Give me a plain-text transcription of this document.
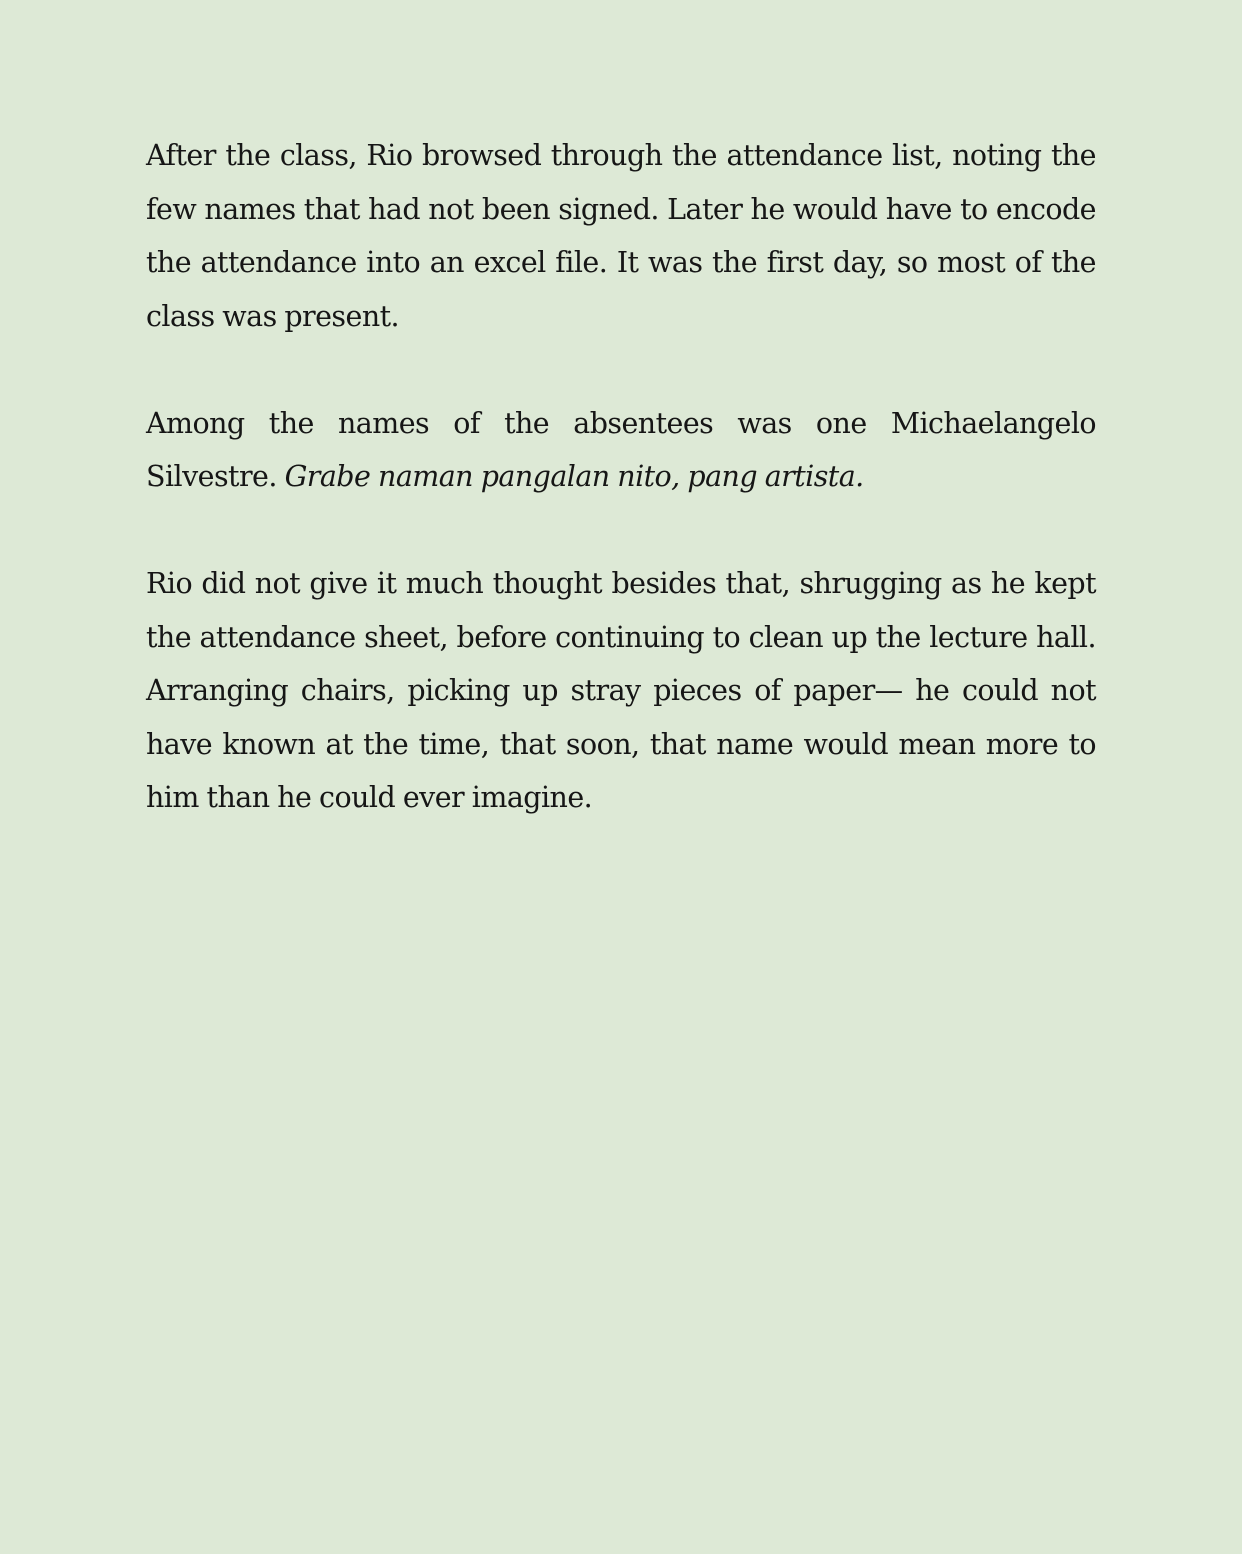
After the class, Rio browsed through the attendance list, noting the few names that had not been signed. Later he would have to encode the attendance into an excel file. It was the first day, so most of the class was present.

Among the names of the absentees was one Michaelangelo Silvestre. Grabe naman pangalan nito, pang artista.

Rio did not give it much thought besides that, shrugging as he kept the attendance sheet, before continuing to clean up the lecture hall. Arranging chairs, picking up stray pieces of paper— he could not have known at the time, that soon, that name would mean more to him than he could ever imagine.
